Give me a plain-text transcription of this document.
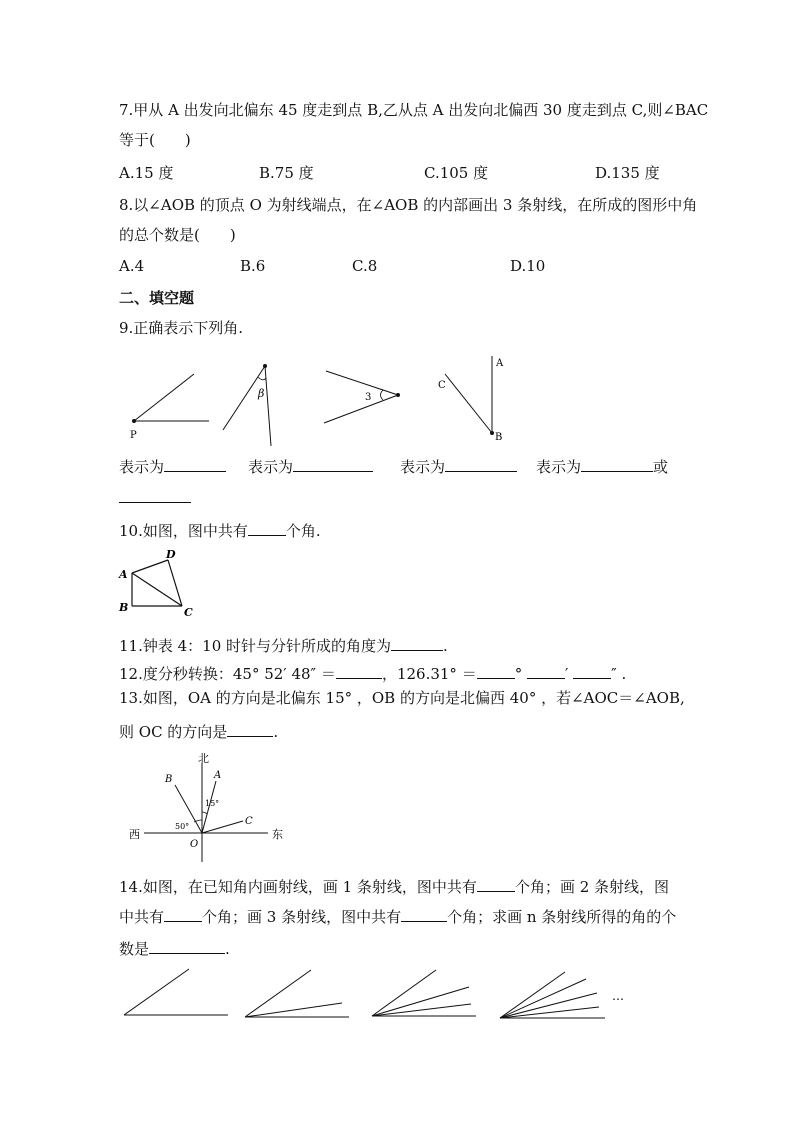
7.甲从 A 出发向北偏东 45 度走到点 B,乙从点 A 出发向北偏西 30 度走到点 C,则∠BAC
等于(　　)
A.15 度	B.75 度	C.105 度	D.135 度
8.以∠AOB 的顶点 O 为射线端点，在∠AOB 的内部画出 3 条射线，在所成的图形中角
的总个数是(　　)
A.4	B.6	C.8	D.10
二、填空题
9.正确表示下列角.
P
β	3
A
B
C
表示为	表示为	表示为	表示为	或
10.如图，图中共有	个角.
A
B	C
D
11.钟表 4：10 时针与分针所成的角度为	.
12.度分秒转换：45° 52′ 48″ ＝	，126.31° ＝	°	′	″ .
13.如图，OA 的方向是北偏东 15° ，OB 的方向是北偏西 40° ，若∠AOC＝∠AOB,
则 OC 的方向是	.
北
西	东
B	A
C
O
15°
50°
14.如图，在已知角内画射线，画 1 条射线，图中共有	个角；画 2 条射线，图
中共有	个角；画 3 条射线，图中共有	个角；求画 n 条射线所得的角的个
数是	.
…
